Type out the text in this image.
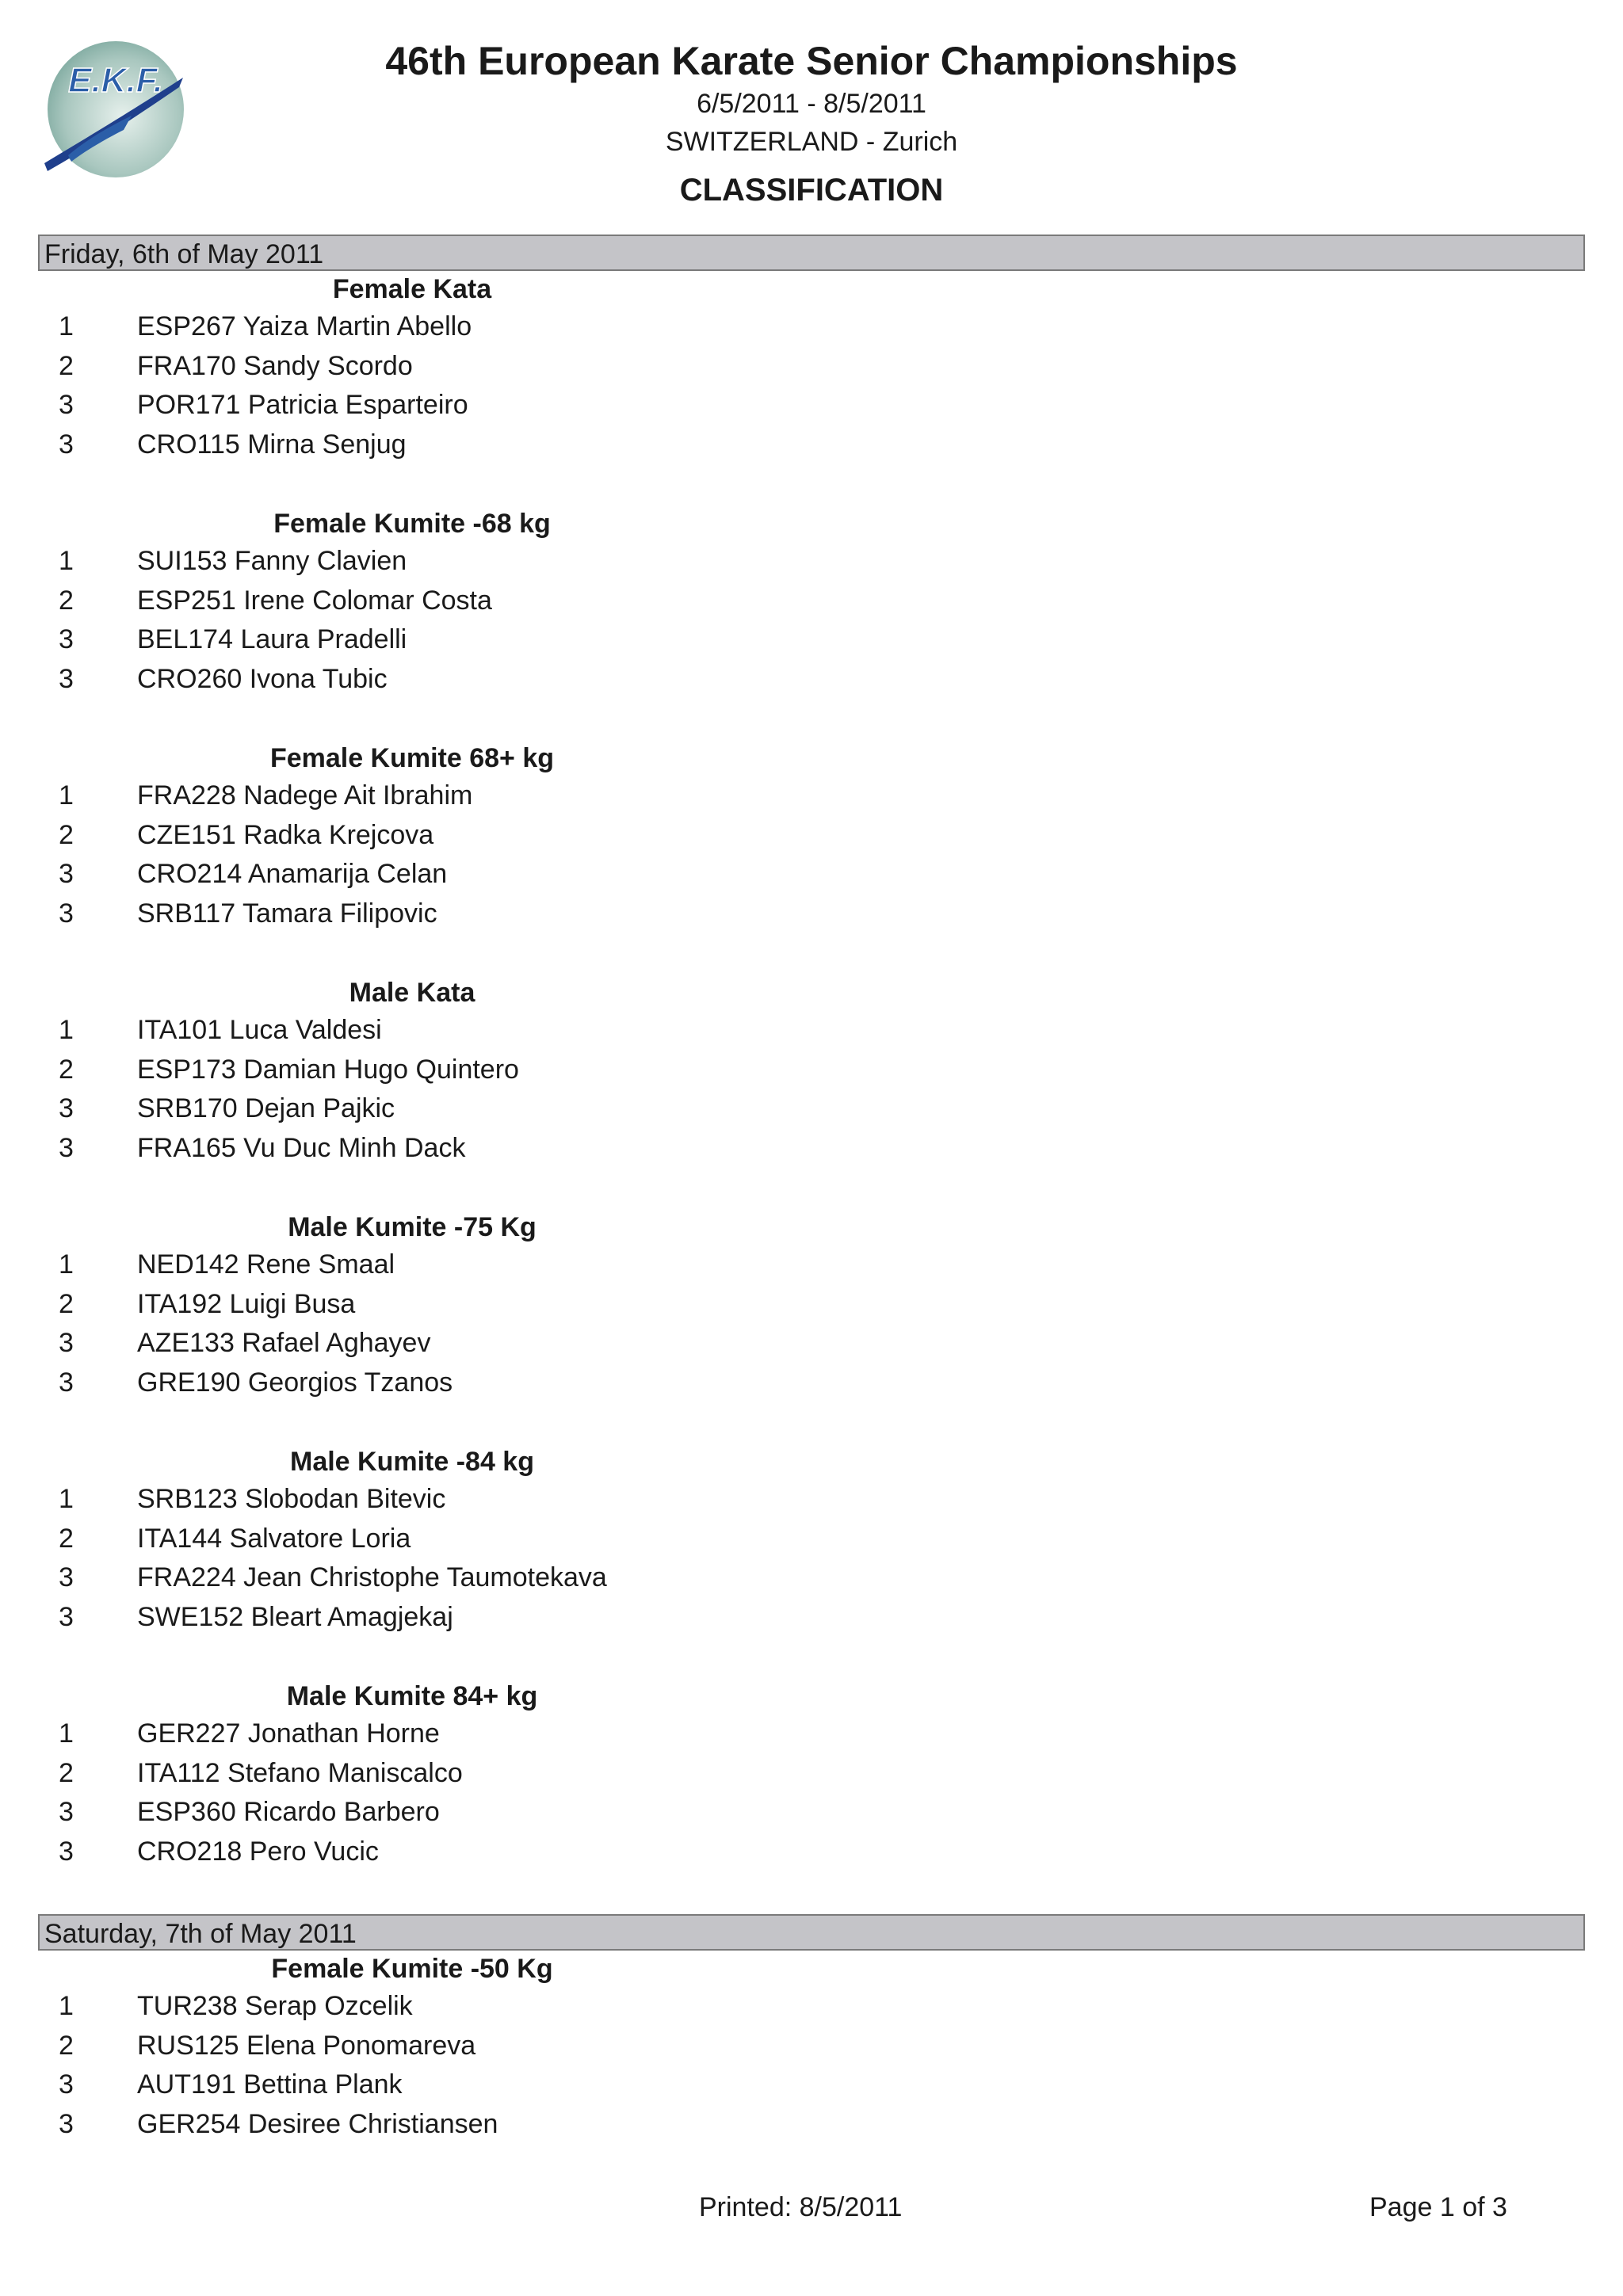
E.K.F.	46th European Karate Senior Championships
6/5/2011 - 8/5/2011
SWITZERLAND - Zurich
CLASSIFICATION
Friday, 6th of May 2011
Female Kata
1 ESP267 Yaiza Martin Abello
2 FRA170 Sandy Scordo
3 POR171 Patricia Esparteiro
3 CRO115 Mirna Senjug
Female Kumite -68 kg
1 SUI153 Fanny Clavien
2 ESP251 Irene Colomar Costa
3 BEL174 Laura Pradelli
3 CRO260 Ivona Tubic
Female Kumite 68+ kg
1 FRA228 Nadege Ait Ibrahim
2 CZE151 Radka Krejcova
3 CRO214 Anamarija Celan
3 SRB117 Tamara Filipovic
Male Kata
1 ITA101 Luca Valdesi
2 ESP173 Damian Hugo Quintero
3 SRB170 Dejan Pajkic
3 FRA165 Vu Duc Minh Dack
Male Kumite -75 Kg
1 NED142 Rene Smaal
2 ITA192 Luigi Busa
3 AZE133 Rafael Aghayev
3 GRE190 Georgios Tzanos
Male Kumite -84 kg
1 SRB123 Slobodan Bitevic
2 ITA144 Salvatore Loria
3 FRA224 Jean Christophe Taumotekava
3 SWE152 Bleart Amagjekaj
Male Kumite 84+ kg
1 GER227 Jonathan Horne
2 ITA112 Stefano Maniscalco
3 ESP360 Ricardo Barbero
3 CRO218 Pero Vucic
Saturday, 7th of May 2011
Female Kumite -50 Kg
1 TUR238 Serap Ozcelik
2 RUS125 Elena Ponomareva
3 AUT191 Bettina Plank
3 GER254 Desiree Christiansen
Printed: 8/5/2011	Page 1 of 3
